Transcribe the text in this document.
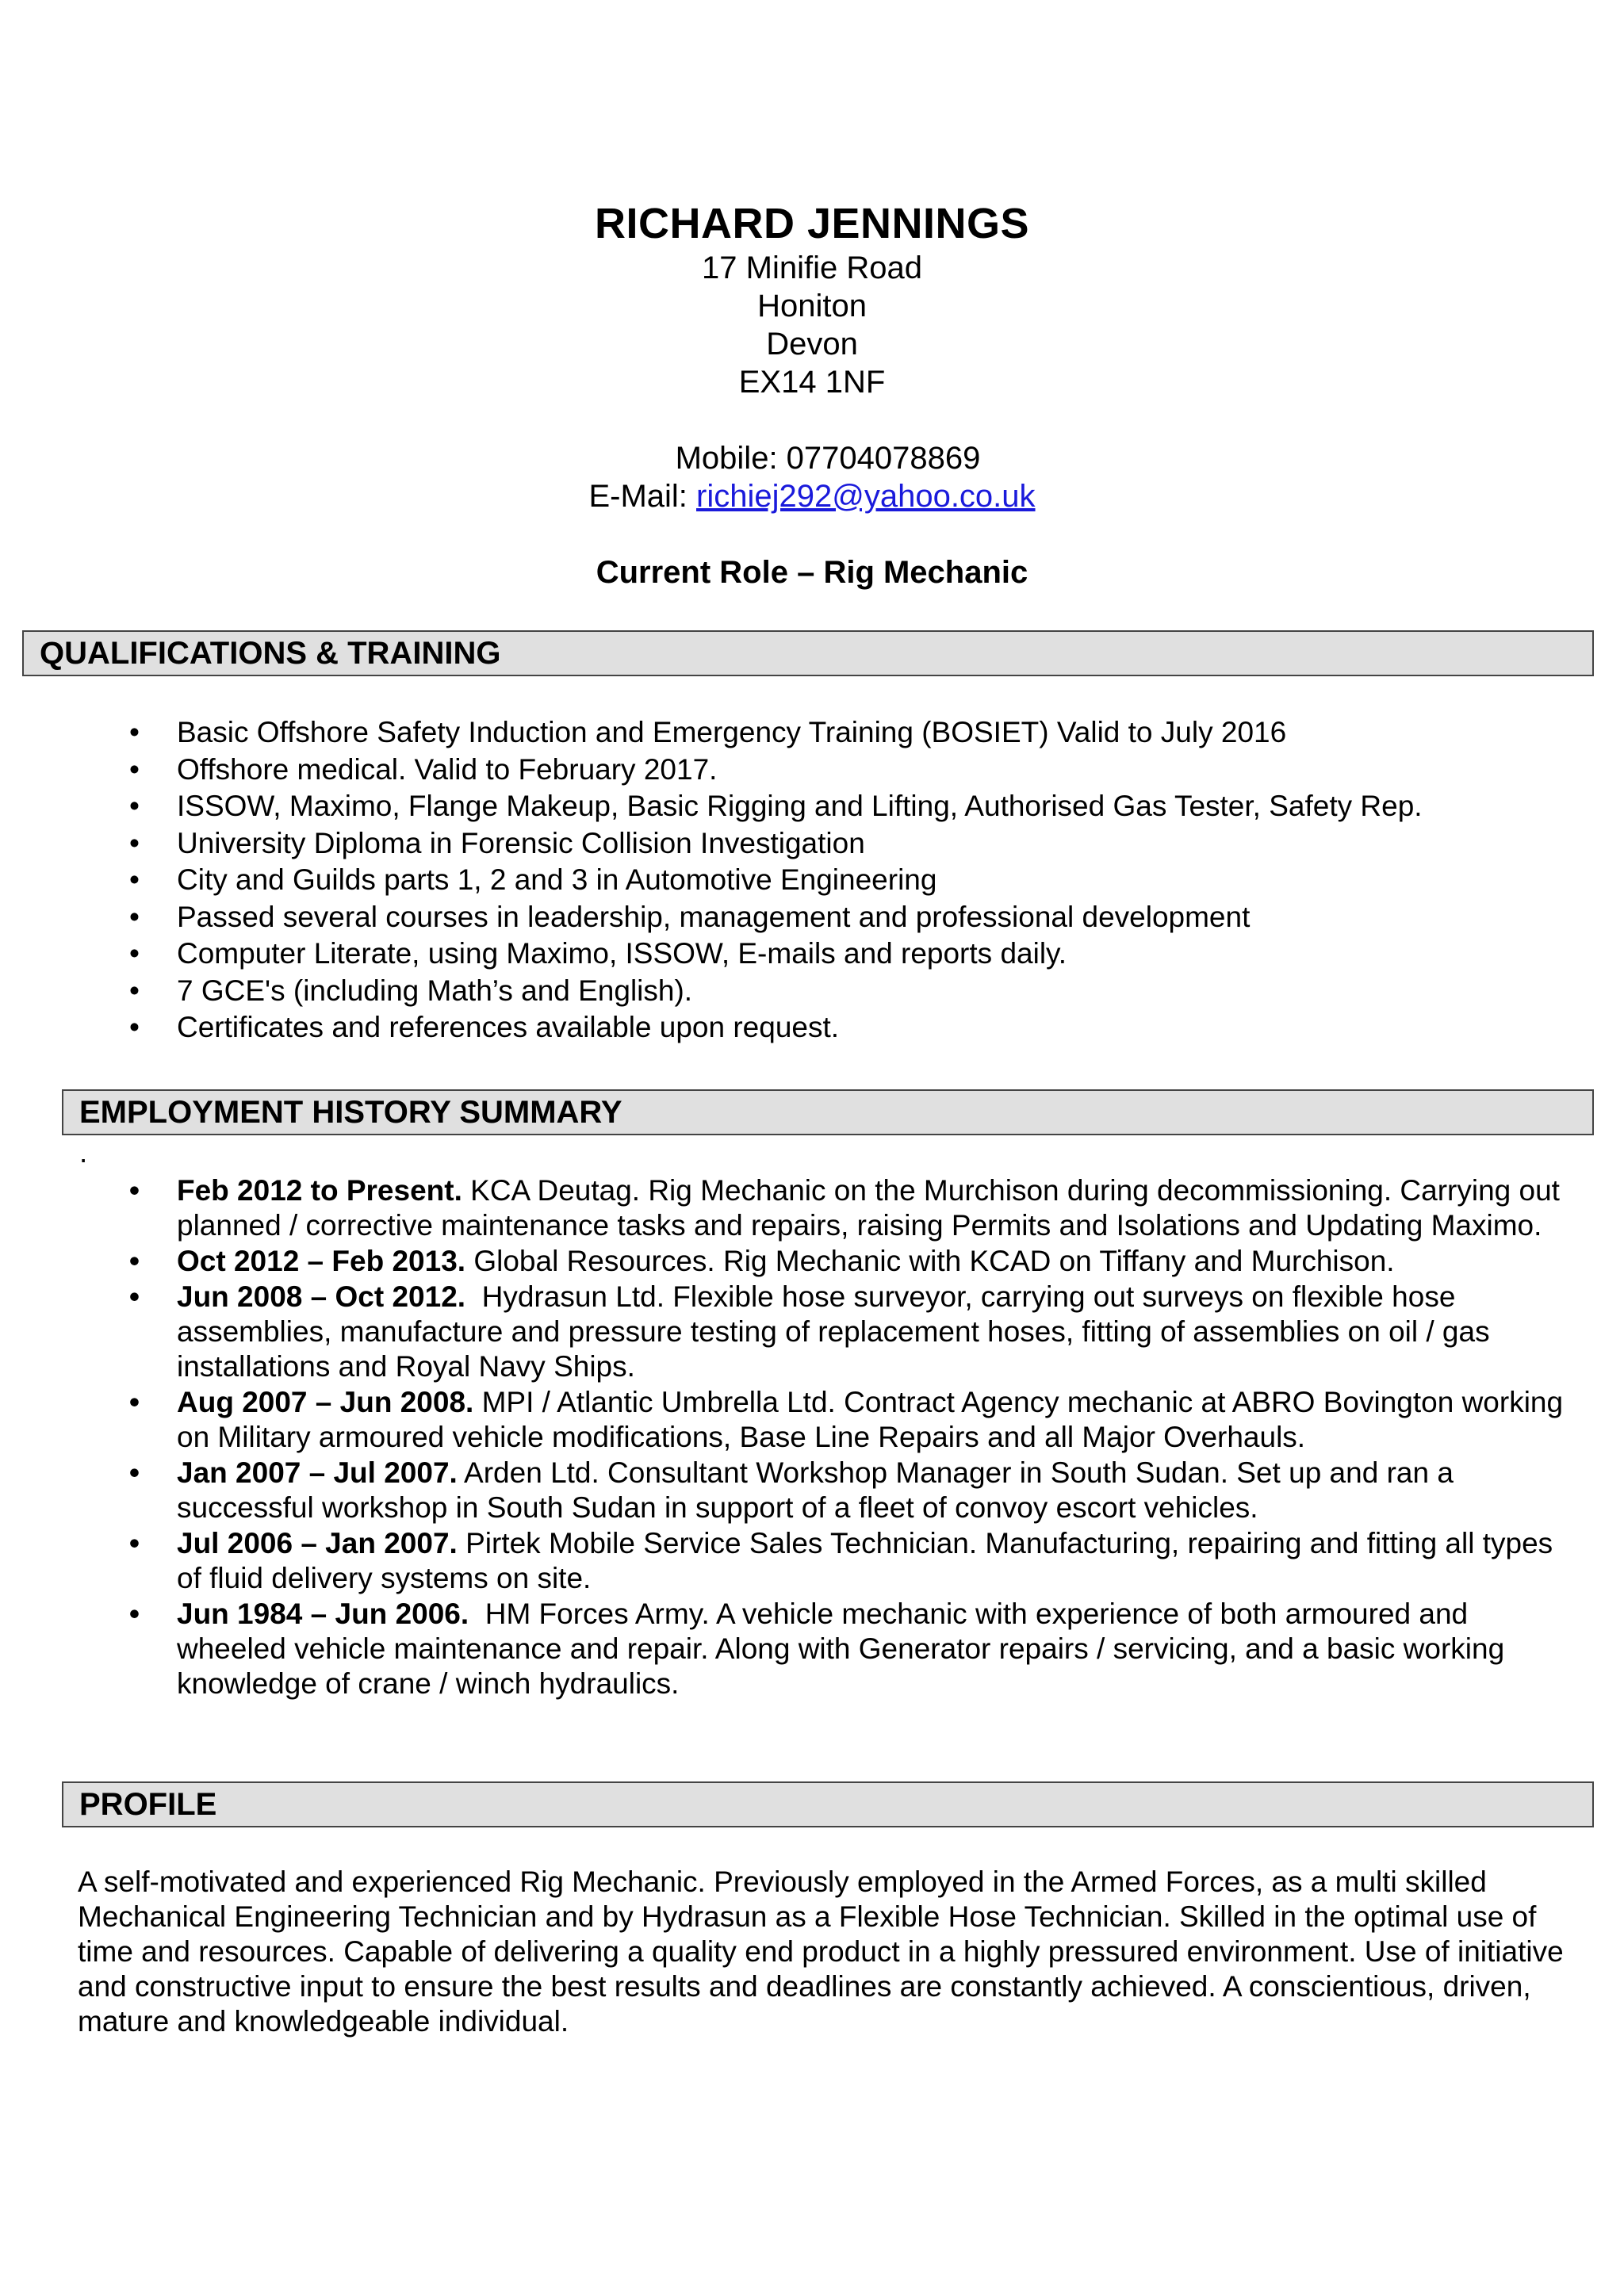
RICHARD JENNINGS
17 Minifie Road
Honiton
Devon
EX14 1NF
Mobile: 07704078869
E-Mail: richiej292@yahoo.co.uk
Current Role – Rig Mechanic
QUALIFICATIONS & TRAINING
• Basic Offshore Safety Induction and Emergency Training (BOSIET) Valid to July 2016
• Offshore medical. Valid to February 2017.
• ISSOW, Maximo, Flange Makeup, Basic Rigging and Lifting, Authorised Gas Tester, Safety Rep.
• University Diploma in Forensic Collision Investigation
• City and Guilds parts 1, 2 and 3 in Automotive Engineering
• Passed several courses in leadership, management and professional development
• Computer Literate, using Maximo, ISSOW, E-mails and reports daily.
• 7 GCE's (including Math’s and English).
• Certificates and references available upon request.
EMPLOYMENT HISTORY SUMMARY
.
• Feb 2012 to Present. KCA Deutag. Rig Mechanic on the Murchison during decommissioning. Carrying out planned / corrective maintenance tasks and repairs, raising Permits and Isolations and Updating Maximo.
• Oct 2012 – Feb 2013. Global Resources. Rig Mechanic with KCAD on Tiffany and Murchison.
• Jun 2008 – Oct 2012.  Hydrasun Ltd. Flexible hose surveyor, carrying out surveys on flexible hose assemblies, manufacture and pressure testing of replacement hoses, fitting of assemblies on oil / gas installations and Royal Navy Ships.
• Aug 2007 – Jun 2008. MPI / Atlantic Umbrella Ltd. Contract Agency mechanic at ABRO Bovington working on Military armoured vehicle modifications, Base Line Repairs and all Major Overhauls.
• Jan 2007 – Jul 2007. Arden Ltd. Consultant Workshop Manager in South Sudan. Set up and ran a successful workshop in South Sudan in support of a fleet of convoy escort vehicles.
• Jul 2006 – Jan 2007. Pirtek Mobile Service Sales Technician. Manufacturing, repairing and fitting all types of fluid delivery systems on site.
• Jun 1984 – Jun 2006.  HM Forces Army. A vehicle mechanic with experience of both armoured and wheeled vehicle maintenance and repair. Along with Generator repairs / servicing, and a basic working knowledge of crane / winch hydraulics.
PROFILE
A self-motivated and experienced Rig Mechanic. Previously employed in the Armed Forces, as a multi skilled Mechanical Engineering Technician and by Hydrasun as a Flexible Hose Technician. Skilled in the optimal use of time and resources. Capable of delivering a quality end product in a highly pressured environment. Use of initiative and constructive input to ensure the best results and deadlines are constantly achieved. A conscientious, driven, mature and knowledgeable individual.
